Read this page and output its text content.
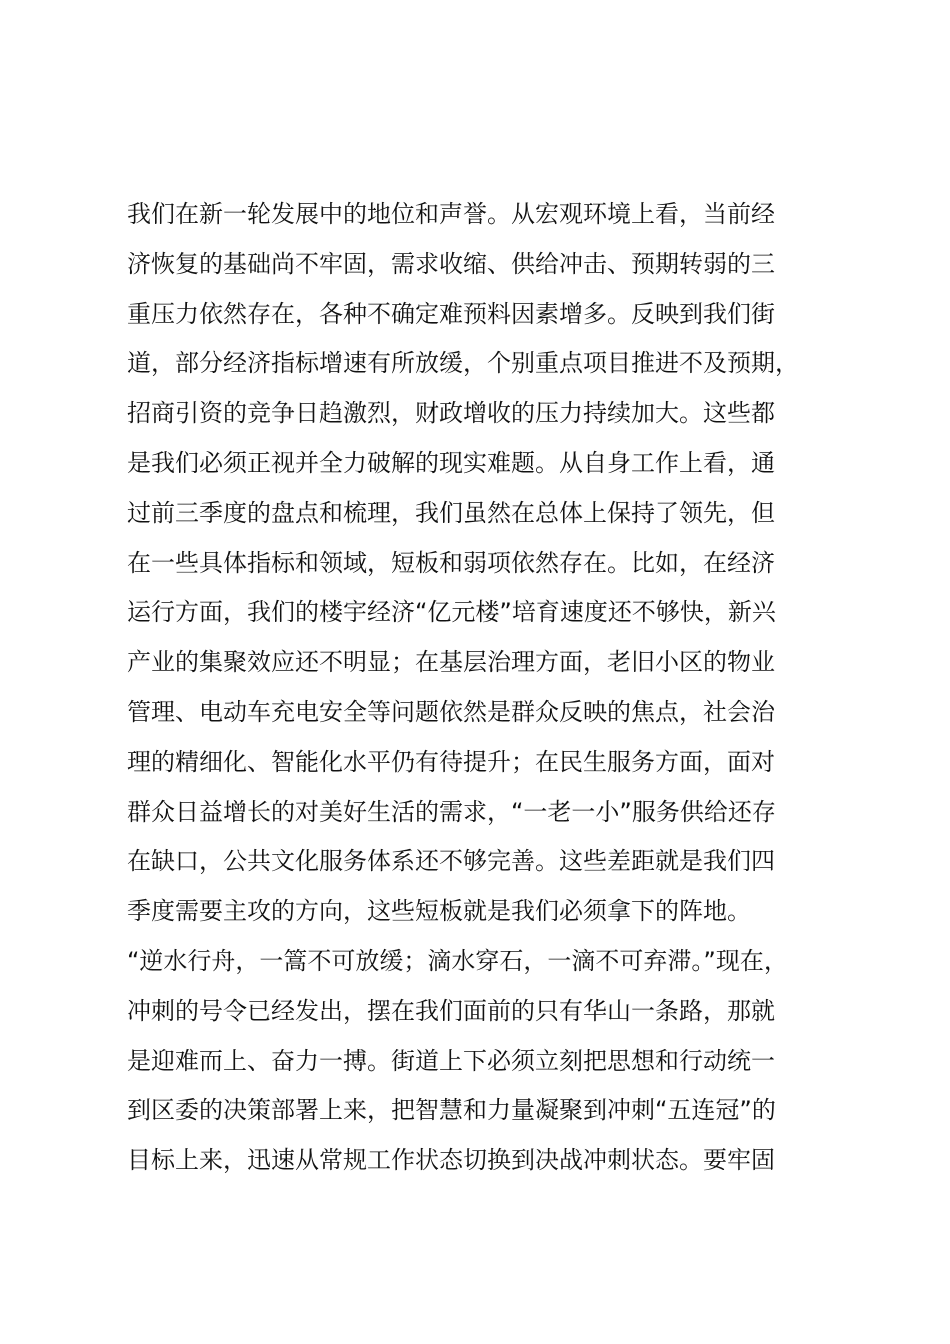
我们在新一轮发展中的地位和声誉。从宏观环境上看，当前经
济恢复的基础尚不牢固，需求收缩、供给冲击、预期转弱的三
重压力依然存在，各种不确定难预料因素增多。反映到我们街
道，部分经济指标增速有所放缓，个别重点项目推进不及预期，
招商引资的竞争日趋激烈，财政增收的压力持续加大。这些都
是我们必须正视并全力破解的现实难题。从自身工作上看，通
过前三季度的盘点和梳理，我们虽然在总体上保持了领先，但
在一些具体指标和领域，短板和弱项依然存在。比如，在经济
运行方面，我们的楼宇经济“亿元楼”培育速度还不够快，新兴
产业的集聚效应还不明显；在基层治理方面，老旧小区的物业
管理、电动车充电安全等问题依然是群众反映的焦点，社会治
理的精细化、智能化水平仍有待提升；在民生服务方面，面对
群众日益增长的对美好生活的需求，“一老一小”服务供给还存
在缺口，公共文化服务体系还不够完善。这些差距就是我们四
季度需要主攻的方向，这些短板就是我们必须拿下的阵地。
“逆水行舟，一篙不可放缓；滴水穿石，一滴不可弃滞。”现在，
冲刺的号令已经发出，摆在我们面前的只有华山一条路，那就
是迎难而上、奋力一搏。街道上下必须立刻把思想和行动统一
到区委的决策部署上来，把智慧和力量凝聚到冲刺“五连冠”的
目标上来，迅速从常规工作状态切换到决战冲刺状态。要牢固
